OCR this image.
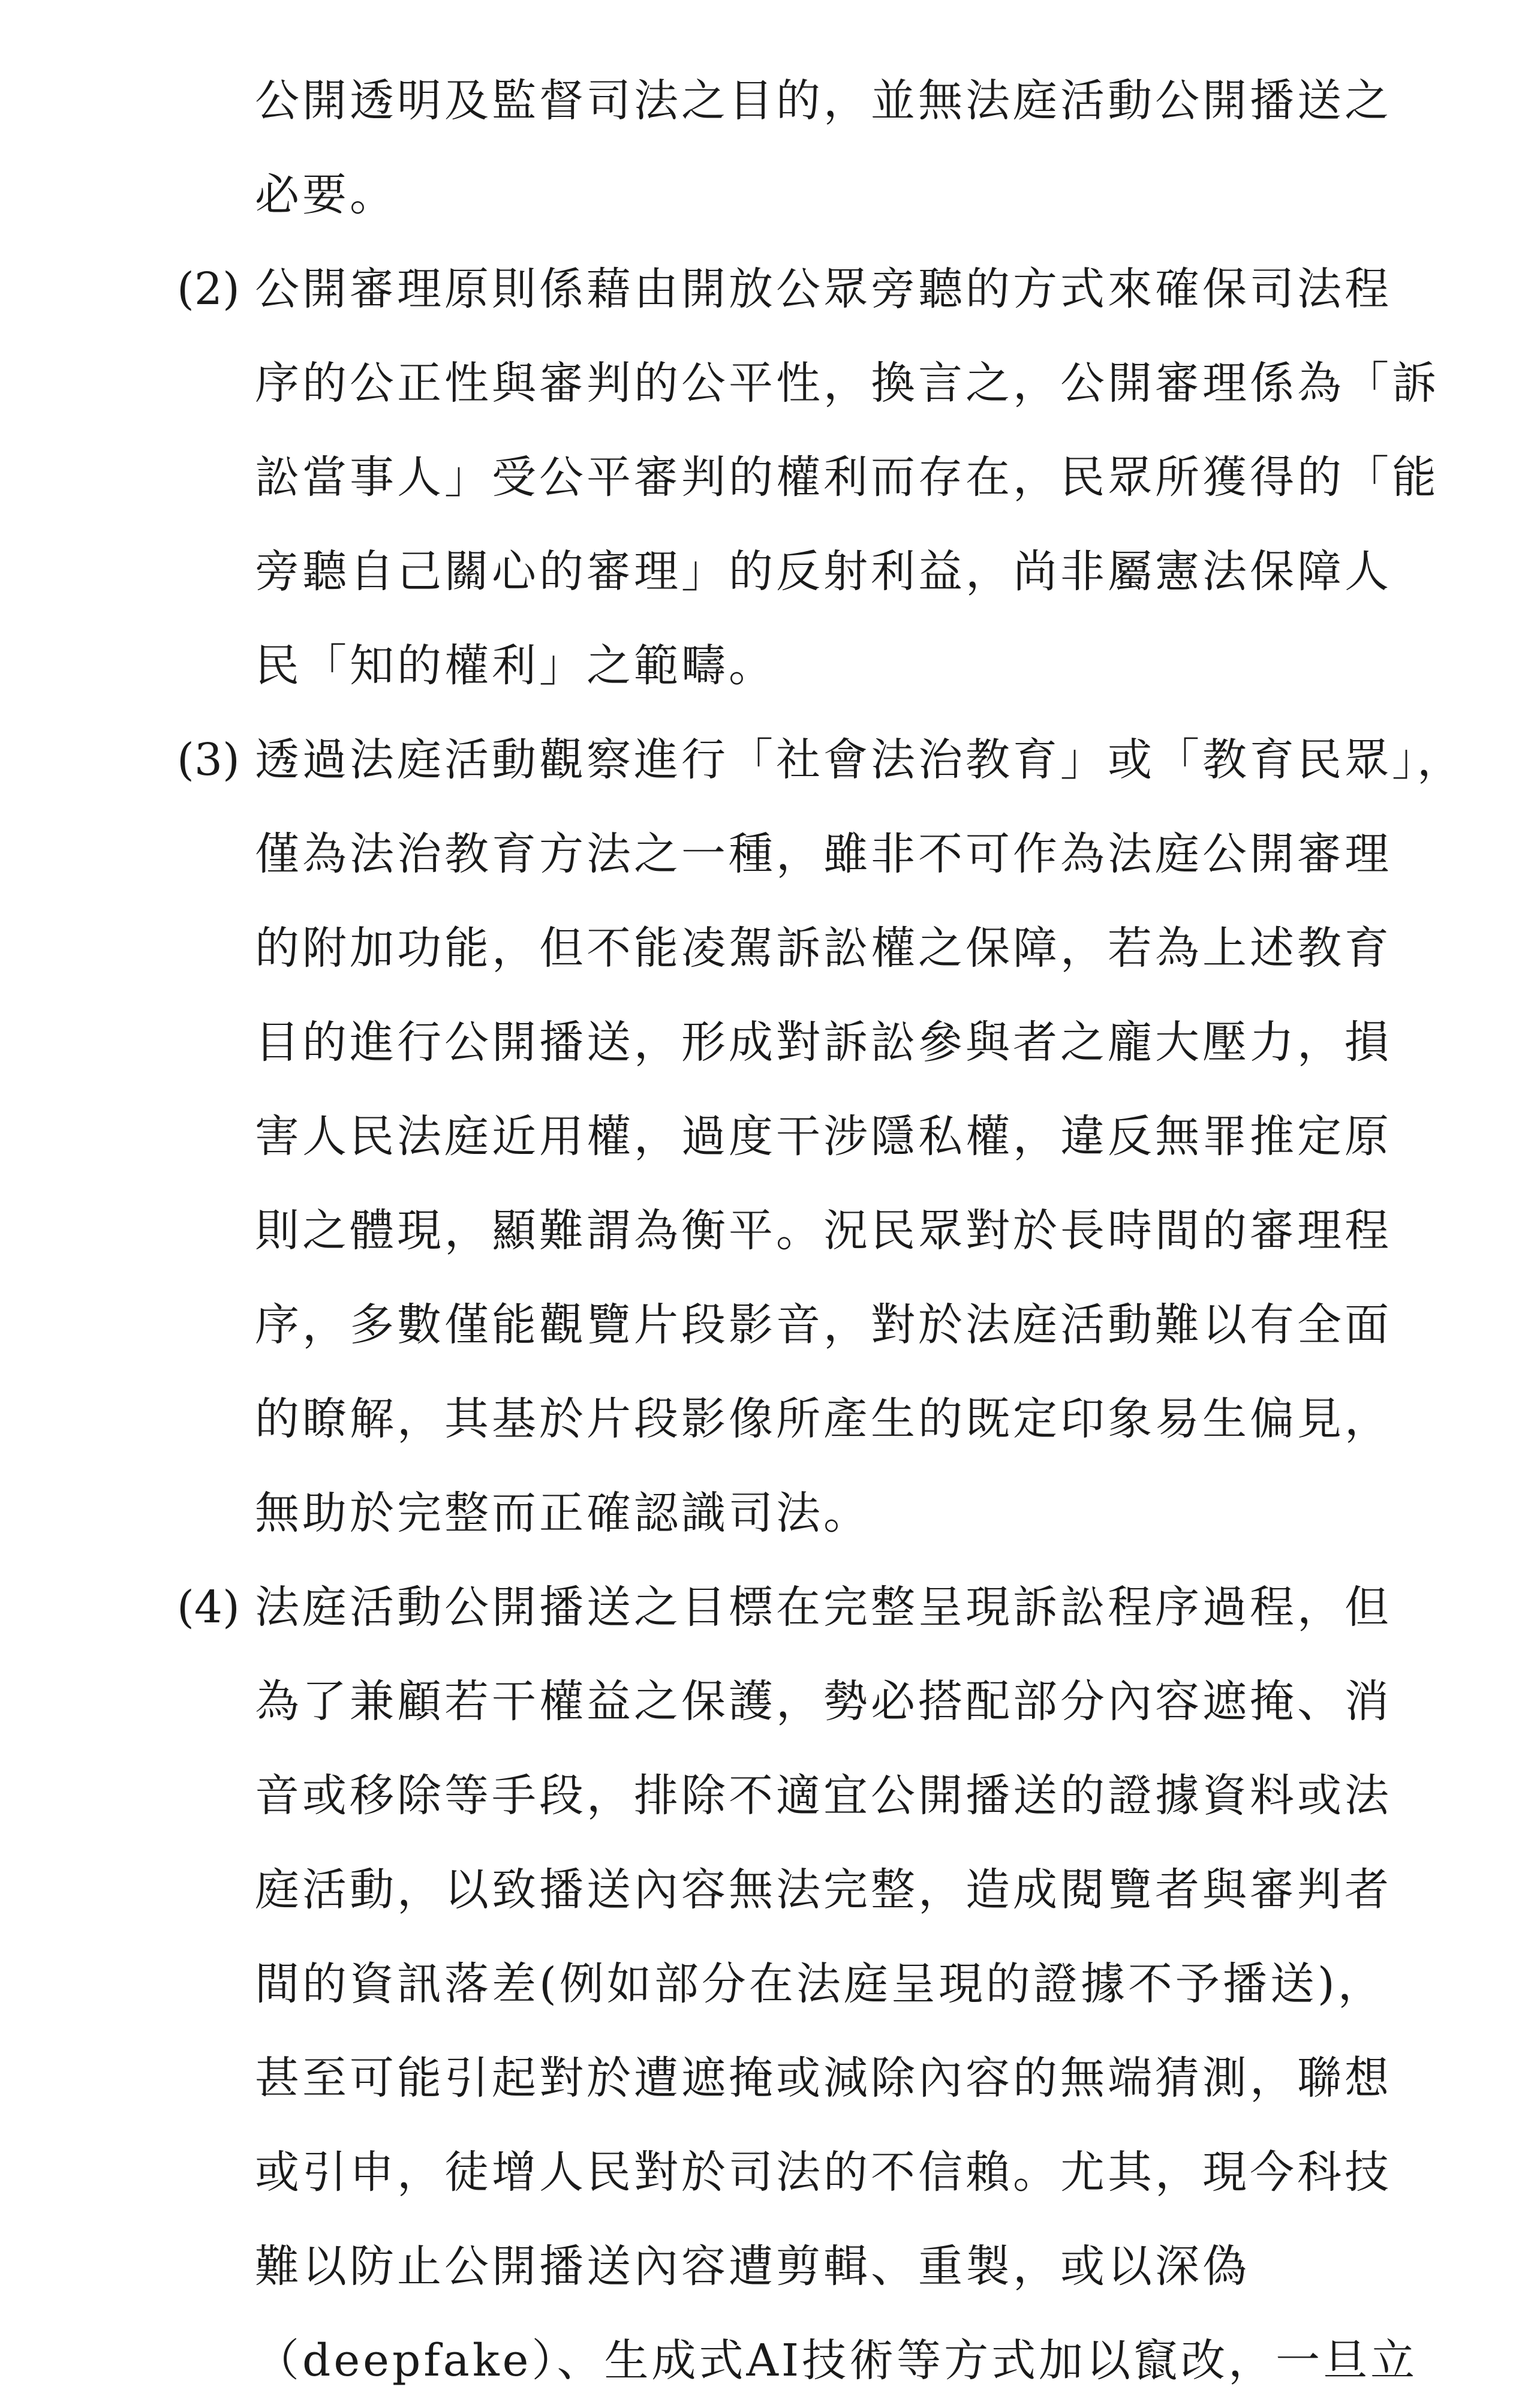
公開透明及監督司法之目的，並無法庭活動公開播送之
必要。
(2) 公開審理原則係藉由開放公眾旁聽的方式來確保司法程
序的公正性與審判的公平性，換言之，公開審理係為「訴
訟當事人」受公平審判的權利而存在，民眾所獲得的「能
旁聽自己關心的審理」的反射利益，尚非屬憲法保障人
民「知的權利」之範疇。
(3) 透過法庭活動觀察進行「社會法治教育」或「教育民眾」，
僅為法治教育方法之一種，雖非不可作為法庭公開審理
的附加功能，但不能凌駕訴訟權之保障，若為上述教育
目的進行公開播送，形成對訴訟參與者之龐大壓力，損
害人民法庭近用權，過度干涉隱私權，違反無罪推定原
則之體現，顯難謂為衡平。況民眾對於長時間的審理程
序，多數僅能觀覽片段影音，對於法庭活動難以有全面
的瞭解，其基於片段影像所產生的既定印象易生偏見，
無助於完整而正確認識司法。
(4) 法庭活動公開播送之目標在完整呈現訴訟程序過程，但
為了兼顧若干權益之保護，勢必搭配部分內容遮掩、消
音或移除等手段，排除不適宜公開播送的證據資料或法
庭活動，以致播送內容無法完整，造成閱覽者與審判者
間的資訊落差(例如部分在法庭呈現的證據不予播送)，
甚至可能引起對於遭遮掩或減除內容的無端猜測，聯想
或引申，徒增人民對於司法的不信賴。尤其，現今科技
難以防止公開播送內容遭剪輯、重製，或以深偽
（deepfake）、生成式AI技術等方式加以竄改，一旦立
